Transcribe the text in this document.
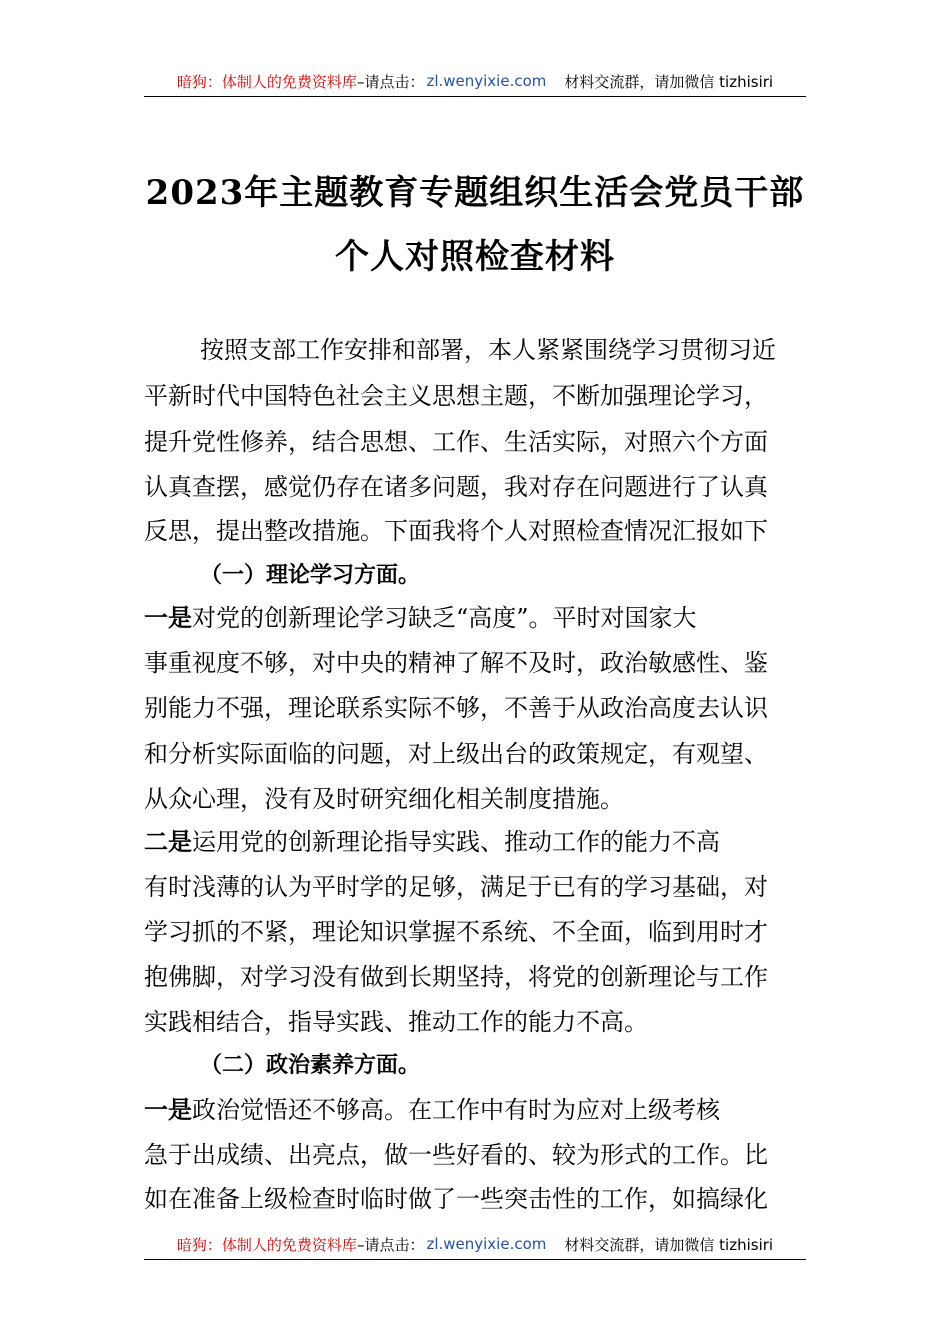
暗狗：体制人的免费资料库 –请点击： zl.wenyixie.com 材料交流群，请加微信 tizhisiri
2023年主题教育专题组织生活会党员干部
个人对照检查材料
按照支部工作安排和部署，本人紧紧围绕学习贯彻习近
平新时代中国特色社会主义思想主题，不断加强理论学习，
提升党性修养，结合思想、工作、生活实际，对照六个方面
认真查摆，感觉仍存在诸多问题，我对存在问题进行了认真
反思，提出整改措施。下面我将个人对照检查情况汇报如下
（一）理论学习方面。
一是 对党的创新理论学习缺乏“高度”。平时对国家大
事重视度不够，对中央的精神了解不及时，政治敏感性、鉴
别能力不强，理论联系实际不够，不善于从政治高度去认识
和分析实际面临的问题，对上级出台的政策规定，有观望、
从众心理，没有及时研究细化相关制度措施。
二是 运用党的创新理论指导实践、推动工作的能力不高
有时浅薄的认为平时学的足够，满足于已有的学习基础，对
学习抓的不紧，理论知识掌握不系统、不全面，临到用时才
抱佛脚，对学习没有做到长期坚持，将党的创新理论与工作
实践相结合，指导实践、推动工作的能力不高。
（二）政治素养方面。
一是 政治觉悟还不够高。在工作中有时为应对上级考核
急于出成绩、出亮点，做一些好看的、较为形式的工作。比
如在准备上级检查时临时做了一些突击性的工作，如搞绿化
暗狗：体制人的免费资料库 –请点击： zl.wenyixie.com 材料交流群，请加微信 tizhisiri
